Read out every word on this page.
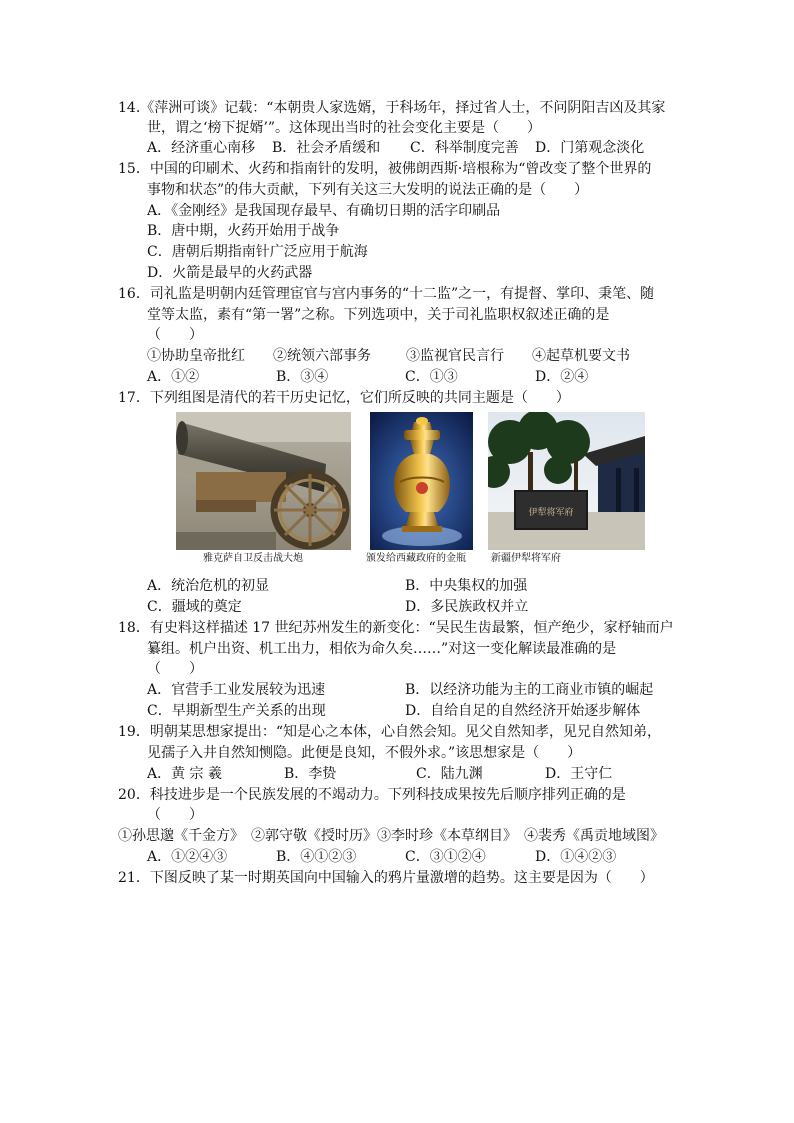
14.《萍洲可谈》记载：“本朝贵人家选婿，于科场年，择过省人士，不问阴阳吉凶及其家
世，谓之‘榜下捉婿’”。这体现出当时的社会变化主要是（　　）
A．经济重心南移 B．社会矛盾缓和 C．科举制度完善 D．门第观念淡化
15．中国的印刷术、火药和指南针的发明，被佛朗西斯·培根称为“曾改变了整个世界的
事物和状态”的伟大贡献，下列有关这三大发明的说法正确的是（　　）
A．《金刚经》是我国现存最早、有确切日期的活字印刷品
B．唐中期，火药开始用于战争
C．唐朝后期指南针广泛应用于航海
D．火箭是最早的火药武器
16．司礼监是明朝内廷管理宦官与宫内事务的“十二监”之一，有提督、掌印、秉笔、随
堂等太监，素有“第一署”之称。下列选项中，关于司礼监职权叙述正确的是
（　　）
①协助皇帝批红 ②统领六部事务	③监视官民言行 ④起草机要文书
A．①②	B．③④	C．①③	D．②④
17．下列组图是清代的若干历史记忆，它们所反映的共同主题是（　　）
伊犁将军府
雅克萨自卫反击战大炮	颁发给西藏政府的金瓶	新疆伊犁将军府
A．统治危机的初显	B．中央集权的加强
C．疆域的奠定	D．多民族政权并立
18．有史料这样描述 17 世纪苏州发生的新变化：“吴民生齿最繁，恒产绝少，家杼轴而户
纂组。机户出资、机工出力，相依为命久矣……”对这一变化解读最准确的是
（　　）
A．官营手工业发展较为迅速	B．以经济功能为主的工商业市镇的崛起
C．早期新型生产关系的出现	D．自给自足的自然经济开始逐步解体
19．明朝某思想家提出：“知是心之本体，心自然会知。见父自然知孝，见兄自然知弟，
见孺子入井自然知恻隐。此便是良知，不假外求。”该思想家是（　　）
A．黄 宗 羲	B．李贽	C．陆九渊	D．王守仁
20．科技进步是一个民族发展的不竭动力。下列科技成果按先后顺序排列正确的是
（　　）
①孙思邈《千金方》　②郭守敬《授时历》③李时珍《本草纲目》　④裴秀《禹贡地域图》
A．①②④③	B．④①②③	C．③①②④	D．①④②③
21．下图反映了某一时期英国向中国输入的鸦片量激增的趋势。这主要是因为（　　）
